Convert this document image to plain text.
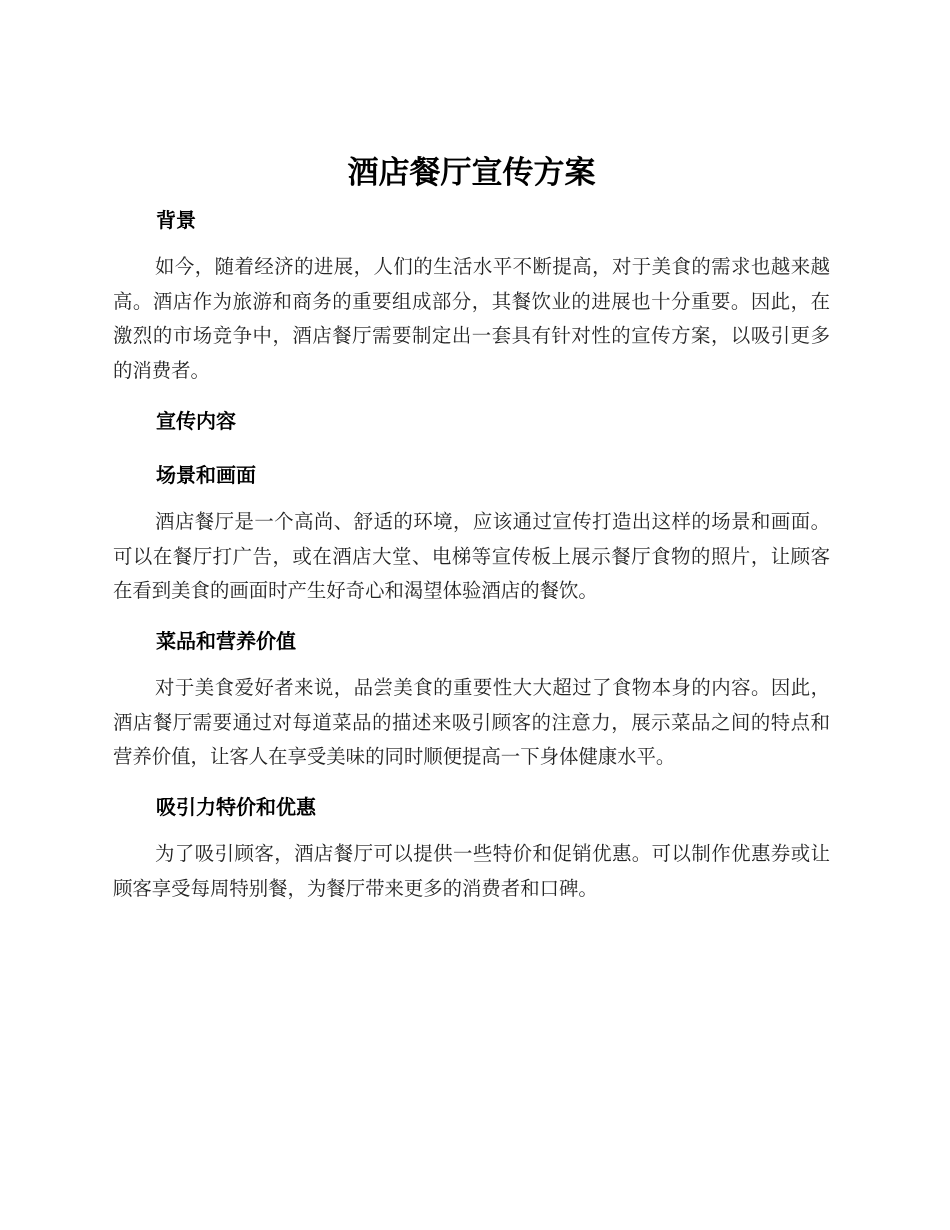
酒店餐厅宣传方案
背景

如今，随着经济的进展，人们的生活水平不断提高，对于美食的需求也越来越高。酒店作为旅游和商务的重要组成部分，其餐饮业的进展也十分重要。因此，在激烈的市场竞争中，酒店餐厅需要制定出一套具有针对性的宣传方案，以吸引更多的消费者。

宣传内容
场景和画面

酒店餐厅是一个高尚、舒适的环境，应该通过宣传打造出这样的场景和画面。可以在餐厅打广告，或在酒店大堂、电梯等宣传板上展示餐厅食物的照片，让顾客在看到美食的画面时产生好奇心和渴望体验酒店的餐饮。

菜品和营养价值

对于美食爱好者来说，品尝美食的重要性大大超过了食物本身的内容。因此，酒店餐厅需要通过对每道菜品的描述来吸引顾客的注意力，展示菜品之间的特点和营养价值，让客人在享受美味的同时顺便提高一下身体健康水平。

吸引力特价和优惠

为了吸引顾客，酒店餐厅可以提供一些特价和促销优惠。可以制作优惠券或让顾客享受每周特别餐，为餐厅带来更多的消费者和口碑。
